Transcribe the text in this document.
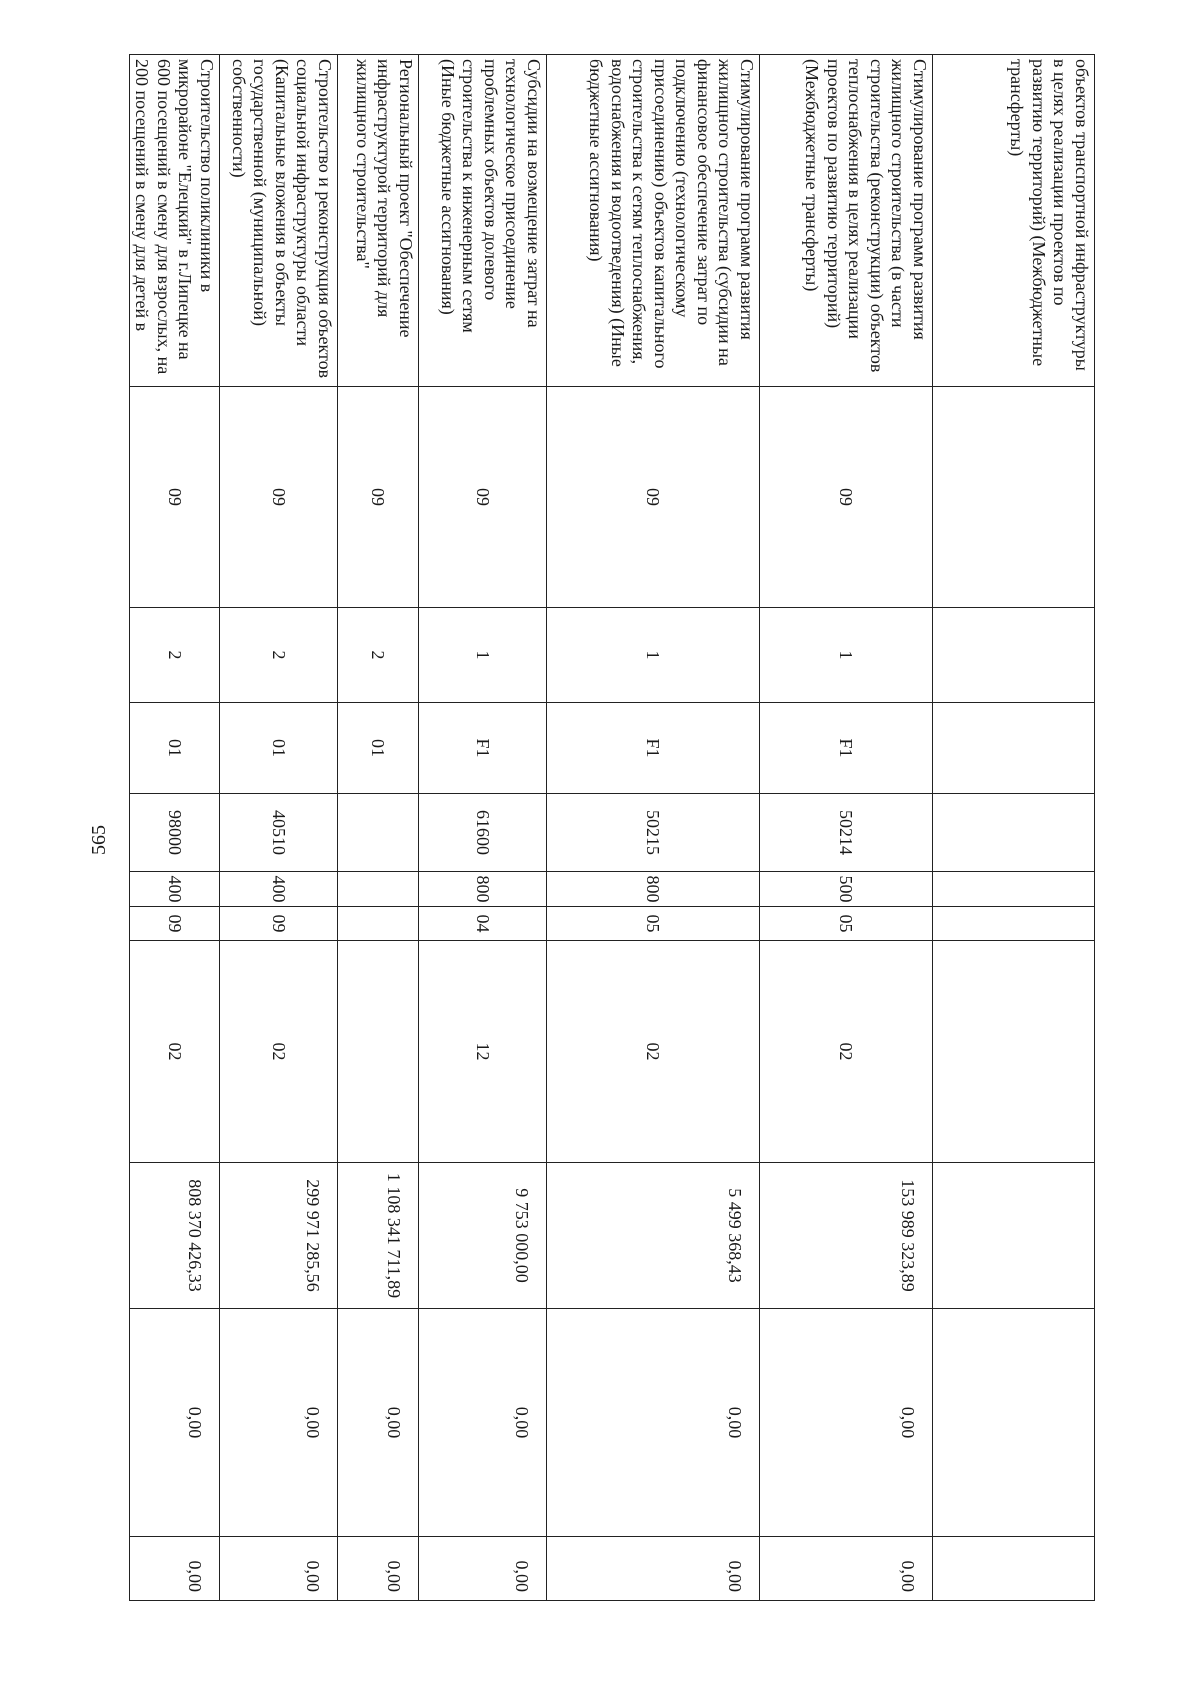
565
объектов транспортной инфраструктуры в целях реализации проектов по развитию территорий) (Межбюджетные трансферты)										
Стимулирование программ развития жилищного строительства (в части строительства (реконструкции) объектов теплоснабжения в целях реализации проектов по развитию территорий) (Межбюджетные трансферты)	09	1	F1	50214	500	05	02	153 989 323,89	0,00	0,00
Стимулирование программ развития жилищного строительства (субсидии на финансовое обеспечение затрат по подключению (технологическому присоединению) объектов капитального строительства к сетям теплоснабжения, водоснабжения и водоотведения) (Иные бюджетные ассигнования)	09	1	F1	50215	800	05	02	5 499 368,43	0,00	0,00
Субсидии на возмещение затрат на технологическое присоединение проблемных объектов долевого строительства к инженерным сетям (Иные бюджетные ассигнования)	09	1	F1	61600	800	04	12	9 753 000,00	0,00	0,00
Региональный проект "Обеспечение инфраструктурой территорий для жилищного строительства"	09	2	01					1 108 341 711,89	0,00	0,00
Строительство и реконструкция объектов социальной инфраструктуры области (Капитальные вложения в объекты государственной (муниципальной) собственности)	09	2	01	40510	400	09	02	299 971 285,56	0,00	0,00
Строительство поликлиники в микрорайоне "Елецкий" в г.Липецке на 600 посещений в смену для взрослых, на 200 посещений в смену для детей в	09	2	01	98000	400	09	02	808 370 426,33	0,00	0,00
